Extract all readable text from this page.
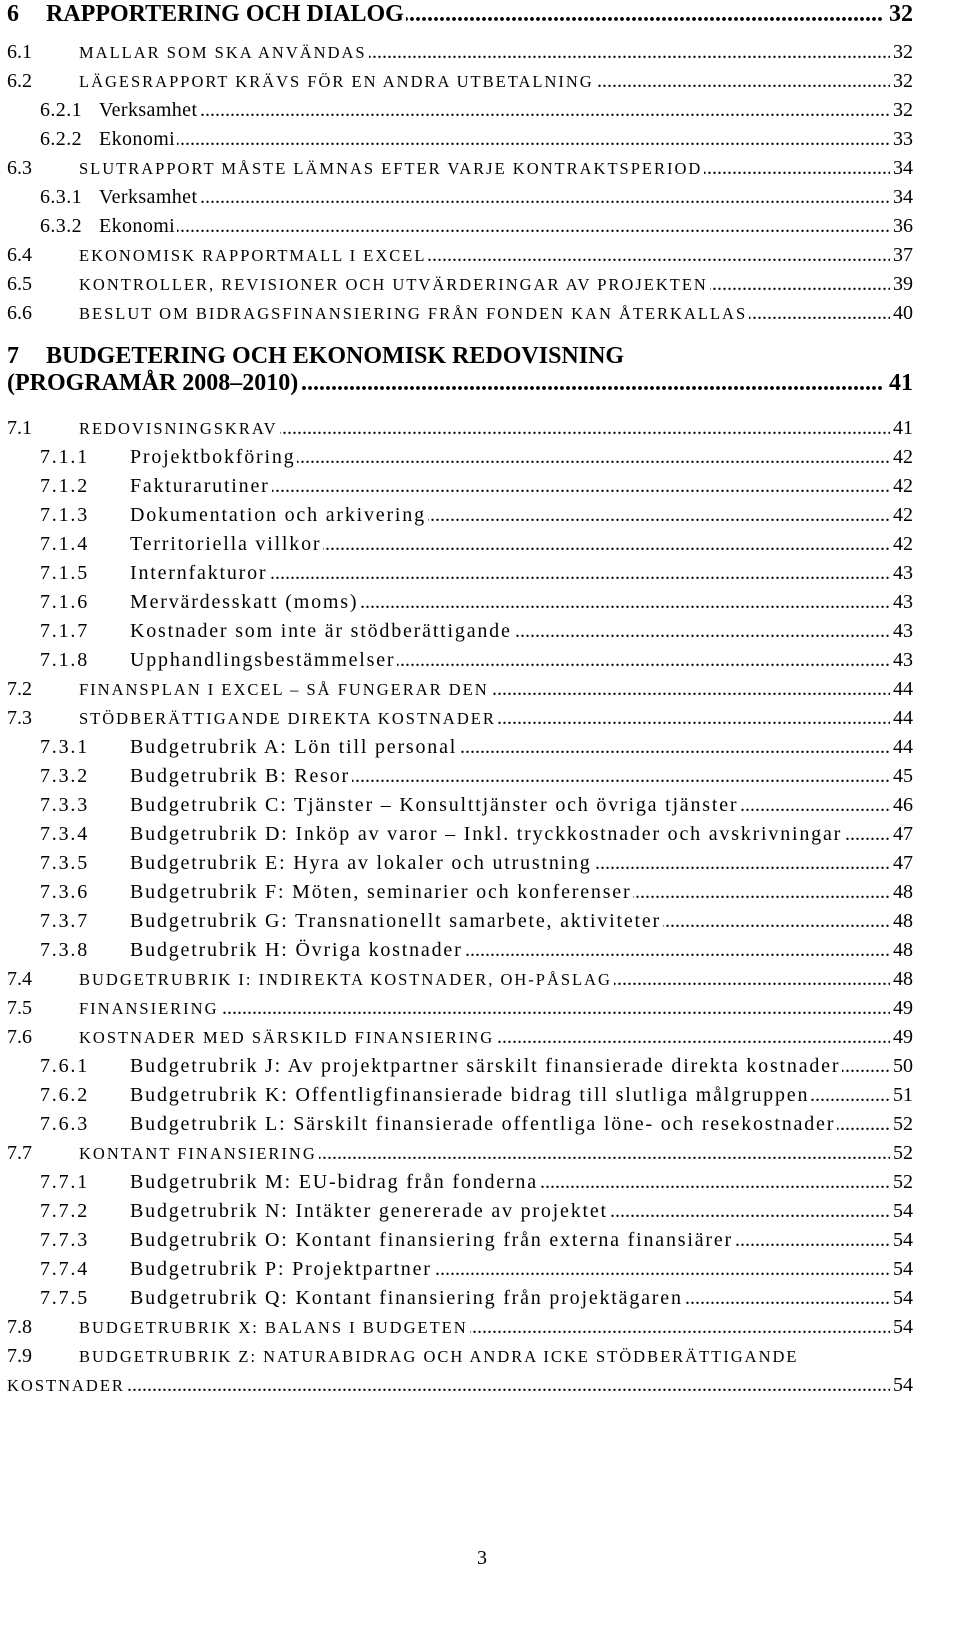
6 RAPPORTERING OCH DIALOG	32
6.1	MALLAR SOM SKA ANVÄNDAS	32
6.2	LÄGESRAPPORT KRÄVS FÖR EN ANDRA UTBETALNING	32
6.2.1 Verksamhet	32
6.2.2 Ekonomi	33
6.3	SLUTRAPPORT MÅSTE LÄMNAS EFTER VARJE KONTRAKTSPERIOD	34
6.3.1 Verksamhet	34
6.3.2 Ekonomi	36
6.4	EKONOMISK RAPPORTMALL I EXCEL	37
6.5	KONTROLLER, REVISIONER OCH UTVÄRDERINGAR AV PROJEKTEN	39
6.6	BESLUT OM BIDRAGSFINANSIERING FRÅN FONDEN KAN ÅTERKALLAS	40
7 BUDGETERING OCH EKONOMISK REDOVISNING (PROGRAMÅR 2008–2010)	41
7.1	REDOVISNINGSKRAV	41
7.1.1 Projektbokföring	42
7.1.2 Fakturarutiner	42
7.1.3 Dokumentation och arkivering	42
7.1.4 Territoriella villkor	42
7.1.5 Internfakturor	43
7.1.6 Mervärdesskatt (moms)	43
7.1.7 Kostnader som inte är stödberättigande	43
7.1.8 Upphandlingsbestämmelser	43
7.2	FINANSPLAN I EXCEL – SÅ FUNGERAR DEN	44
7.3	STÖDBERÄTTIGANDE DIREKTA KOSTNADER	44
7.3.1 Budgetrubrik A: Lön till personal	44
7.3.2 Budgetrubrik B: Resor	45
7.3.3 Budgetrubrik C: Tjänster – Konsulttjänster och övriga tjänster	46
7.3.4 Budgetrubrik D: Inköp av varor – Inkl. tryckkostnader och avskrivningar	47
7.3.5 Budgetrubrik E: Hyra av lokaler och utrustning	47
7.3.6 Budgetrubrik F: Möten, seminarier och konferenser	48
7.3.7 Budgetrubrik G: Transnationellt samarbete, aktiviteter	48
7.3.8 Budgetrubrik H: Övriga kostnader	48
7.4	BUDGETRUBRIK I: INDIREKTA KOSTNADER, OH-PÅSLAG	48
7.5	FINANSIERING	49
7.6	KOSTNADER MED SÄRSKILD FINANSIERING	49
7.6.1 Budgetrubrik J: Av projektpartner särskilt finansierade direkta kostnader	50
7.6.2 Budgetrubrik K: Offentligfinansierade bidrag till slutliga målgruppen	51
7.6.3 Budgetrubrik L: Särskilt finansierade offentliga löne- och resekostnader	52
7.7	KONTANT FINANSIERING	52
7.7.1 Budgetrubrik M: EU-bidrag från fonderna	52
7.7.2 Budgetrubrik N: Intäkter genererade av projektet	54
7.7.3 Budgetrubrik O: Kontant finansiering från externa finansiärer	54
7.7.4 Budgetrubrik P: Projektpartner	54
7.7.5 Budgetrubrik Q: Kontant finansiering från projektägaren	54
7.8	BUDGETRUBRIK X: BALANS I BUDGETEN	54
7.9	BUDGETRUBRIK Z: NATURABIDRAG OCH ANDRA ICKE STÖDBERÄTTIGANDE KOSTNADER	54
3
